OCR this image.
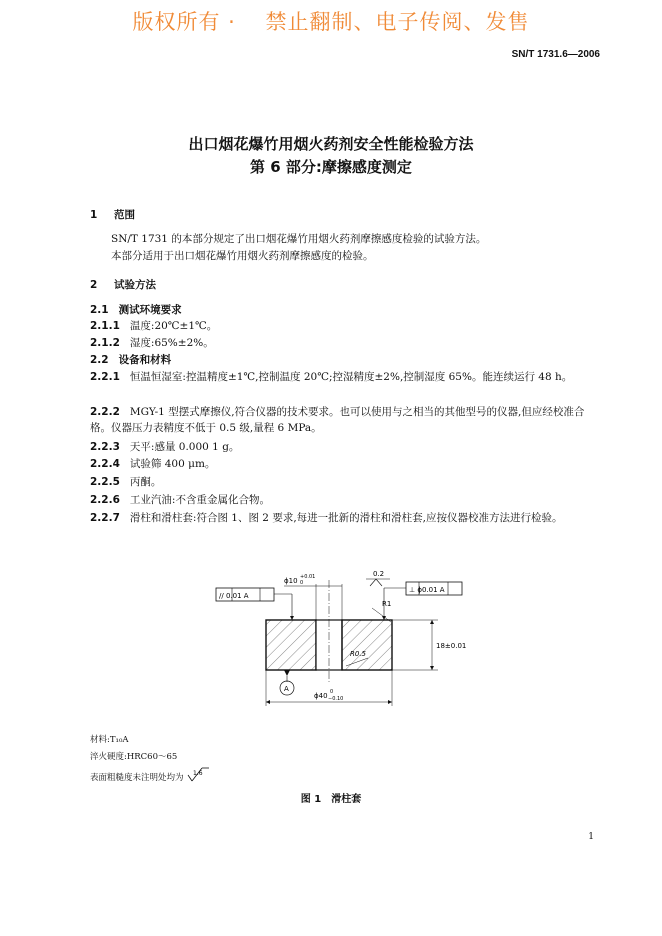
版权所有 ·　 禁止翻制、电子传阅、发售
SN/T 1731.6—2006
出口烟花爆竹用烟火药剂安全性能检验方法
第 6 部分:摩擦感度测定
1 范围
SN/T 1731 的本部分规定了出口烟花爆竹用烟火药剂摩擦感度检验的试验方法。
本部分适用于出口烟花爆竹用烟火药剂摩擦感度的检验。
2 试验方法
2.1 测试环境要求
2.1.1 温度:20℃±1℃。
2.1.2 湿度:65%±2%。
2.2 设备和材料
2.2.1 恒温恒湿室:控温精度±1℃,控制温度 20℃;控湿精度±2%,控制湿度 65%。能连续运行 48 h。
2.2.2 MGY-1 型摆式摩擦仪,符合仪器的技术要求。也可以使用与之相当的其他型号的仪器,但应经校准合格。仪器压力表精度不低于 0.5 级,量程 6 MPa。
2.2.3 天平:感量 0.000 1 g。
2.2.4 试验筛 400 μm。
2.2.5 丙酮。
2.2.6 工业汽油:不含重金属化合物。
2.2.7 滑柱和滑柱套:符合图 1、图 2 要求,每进一批新的滑柱和滑柱套,应按仪器校准方法进行检验。
// 0.01 A
ϕ10 +0.01
0
0.2
⊥ ϕ0.01 A
R1
R0.5
18±0.01
A
ϕ40 0
−0.10
材料:T₁₀A
淬火硬度:HRC60～65
表面粗糙度未注明处均为 1.6
图 1　滑柱套
1
